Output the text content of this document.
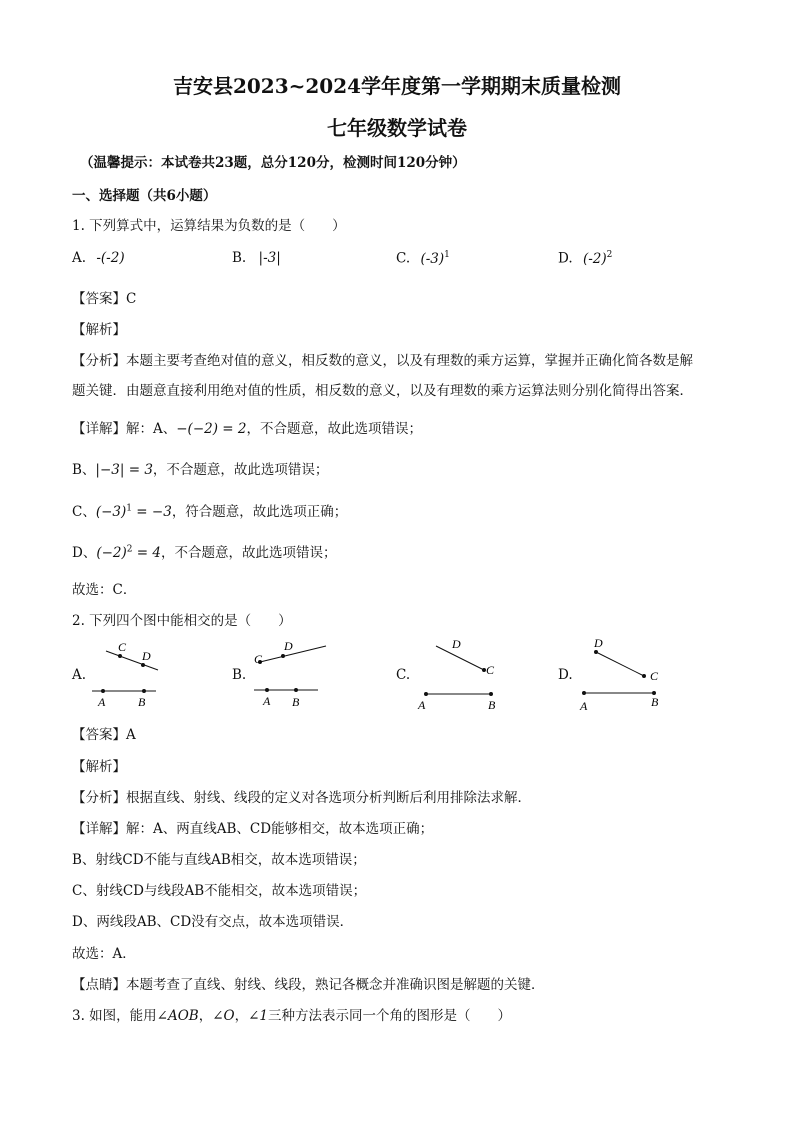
吉安县2023~2024学年度第一学期期末质量检测
七年级数学试卷
（温馨提示：本试卷共23题，总分120分，检测时间120分钟）
一、选择题（共6小题）
1. 下列算式中，运算结果为负数的是（　　）
A. -(-2)	B. |-3|	C. $(-3)^1$	D. $(-2)^2$
【答案】C
【解析】
【分析】本题主要考查绝对值的意义，相反数的意义，以及有理数的乘方运算，掌握并正确化简各数是解
题关键．由题意直接利用绝对值的性质，相反数的意义，以及有理数的乘方运算法则分别化简得出答案．
【详解】解：A、−(−2) = 2，不合题意，故此选项错误；
B、|−3| = 3，不合题意，故此选项错误；
C、$(-3)^1 = -3$，符合题意，故此选项正确；
D、$(-2)^2 = 4$，不合题意，故此选项错误；
故选：C．
2. 下列四个图中能相交的是（　　）
A.	B.	C.	D.
C
D
A	B
C
D
A B
D
C
A	B
D
C
A	B
【答案】A
【解析】
【分析】根据直线、射线、线段的定义对各选项分析判断后利用排除法求解．
【详解】解：A、两直线AB、CD能够相交，故本选项正确；
B、射线CD不能与直线AB相交，故本选项错误；
C、射线CD与线段AB不能相交，故本选项错误；
D、两线段AB、CD没有交点，故本选项错误．
故选：A．
【点睛】本题考查了直线、射线、线段，熟记各概念并准确识图是解题的关键．
3. 如图，能用∠AOB，∠O，∠1三种方法表示同一个角的图形是（　　）
